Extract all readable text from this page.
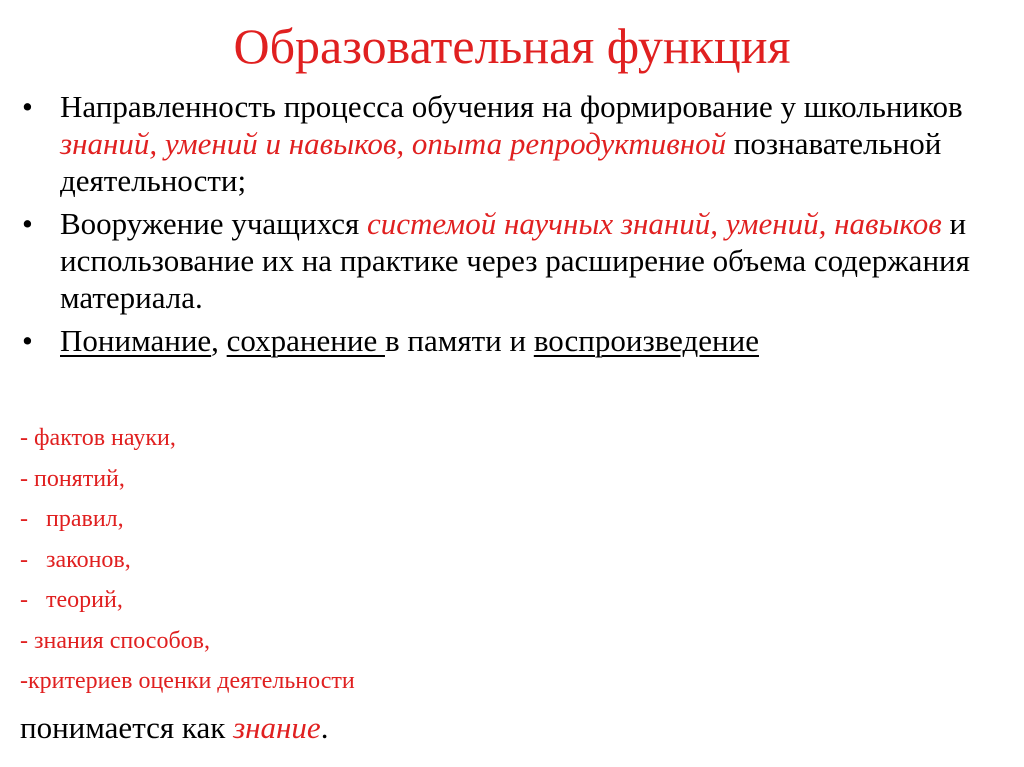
Образовательная функция
• Направленность процесса обучения на формирование у школьников знаний, умений и навыков, опыта репродуктивной познавательной деятельности;
• Вооружение учащихся системой научных знаний, умений, навыков и использование их на практике через расширение объема содержания материала.
• Понимание, сохранение в памяти и воспроизведение
- фактов науки,
- понятий,
-   правил,
-   законов,
-   теорий,
- знания способов,
-критериев оценки деятельности
понимается как знание.
